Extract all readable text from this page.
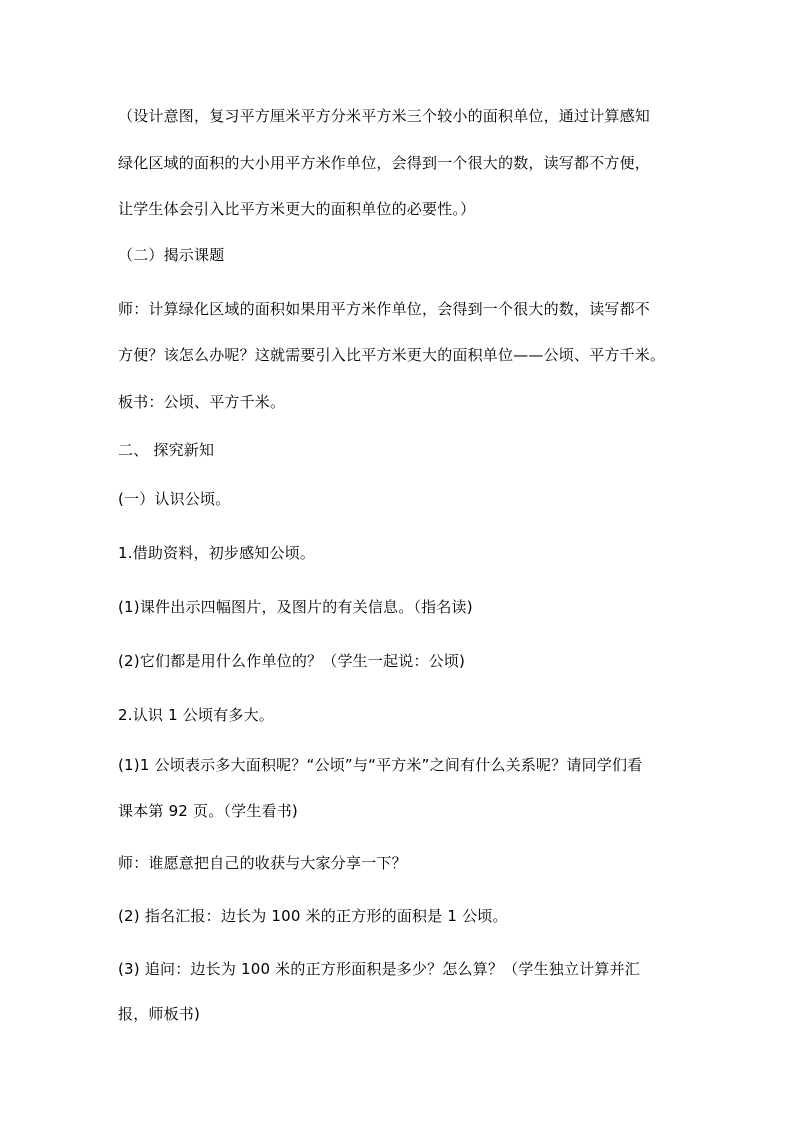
（设计意图，复习平方厘米平方分米平方米三个较小的面积单位，通过计算感知
绿化区域的面积的大小用平方米作单位，会得到一个很大的数，读写都不方便，
让学生体会引入比平方米更大的面积单位的必要性。）
（二）揭示课题
师：计算绿化区域的面积如果用平方米作单位，会得到一个很大的数，读写都不
方便？该怎么办呢？这就需要引入比平方米更大的面积单位——公顷、平方千米。
板书：公顷、平方千米。
二、 探究新知
(一）认识公顷。
1.借助资料，初步感知公顷。
(1)课件出示四幅图片，及图片的有关信息。（指名读)
(2)它们都是用什么作单位的？（学生一起说：公顷)
2.认识 1 公顷有多大。
(1)1 公顷表示多大面积呢？“公顷”与“平方米”之间有什么关系呢？请同学们看
课本第 92 页。（学生看书)
师：谁愿意把自己的收获与大家分享一下？
(2) 指名汇报：边长为 100 米的正方形的面积是 1 公顷。
(3) 追问：边长为 100 米的正方形面积是多少？怎么算？（学生独立计算并汇
报，师板书)
